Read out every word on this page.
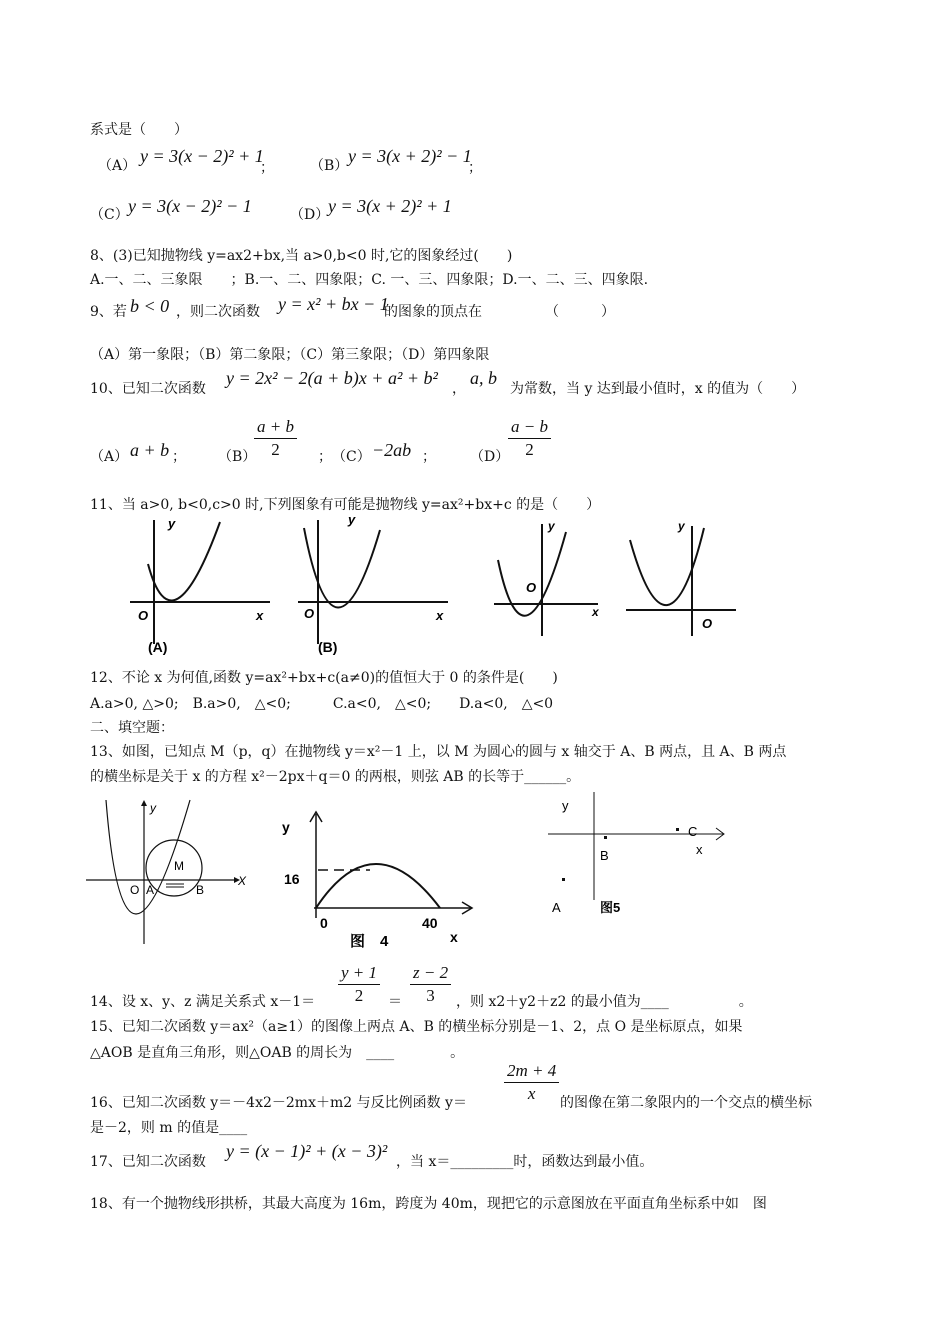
系式是（　　）
（A） y = 3(x − 2)² + 1
；	（B） y = 3(x + 2)² − 1
；
（C） y = 3(x − 2)² − 1	（D）
y = 3(x + 2)² + 1
8、(3)已知抛物线 y=ax2+bx,当 a>0,b<0 时,它的图象经过(　　)
A.一、二、三象限　　；B.一、二、四象限；C. 一、三、四象限；D.一、二、三、四象限.
9、若 b < 0 ，则二次函数 y = x² + bx − 1
的图象的顶点在　　　　　（　　　）
（A）第一象限；（B）第二象限；（C）第三象限；（D）第四象限
10、已知二次函数
y = 2x² − 2(a + b)x + a² + b²
，
a, b
为常数，当 y 达到最小值时，x 的值为（　　）
（A） a + b ； （B）
$\frac{a + b}{2}$ ； （C） −2ab ； （D）
$\frac{a - b}{2}$
11、当 a>0, b<0,c>0 时,下列图象有可能是抛物线 y=ax²+bx+c 的是（　　）
y
O	x
(A)
y
O	x
(B)
y
O
x
y
O
12、不论 x 为何值,函数 y=ax²+bx+c(a≠0)的值恒大于 0 的条件是(　　)
A.a>0, △>0;　B.a>0,　△<0;　　　C.a<0,　△<0;　　D.a<0,　△<0
二、填空题：
13、如图，已知点 M（p，q）在抛物线 y＝x²－1 上，以 M 为圆心的圆与 x 轴交于 A、B 两点，且 A、B 两点
的横坐标是关于 x 的方程 x²－2px＋q＝0 的两根，则弦 AB 的长等于______。
y
X
O A	B
M
y
16
0	40
x
图　4
y
B
C
x
A	图5
14、设 x、y、z 满足关系式 $x-1= \frac{y + 1}{2} = \frac{z - 2}{3}$ ，则 x2＋y2＋z2 的最小值为____　　　　　。
15、已知二次函数 y＝ax²（a≥1）的图像上两点 A、B 的横坐标分别是－1、2，点 O 是坐标原点，如果
△AOB 是直角三角形，则△OAB 的周长为　____　　　　。
16、已知二次函数 y＝－4x2－2mx＋m2 与反比例函数 $y= \frac{2m + 4}{x}$ 的图像在第二象限内的一个交点的横坐标
是－2，则 m 的值是____
17、已知二次函数
y = (x − 1)² + (x − 3)²
，当 x＝_________时，函数达到最小值。
18、有一个抛物线形拱桥，其最大高度为 16m，跨度为 40m，现把它的示意图放在平面直角坐标系中如　图
